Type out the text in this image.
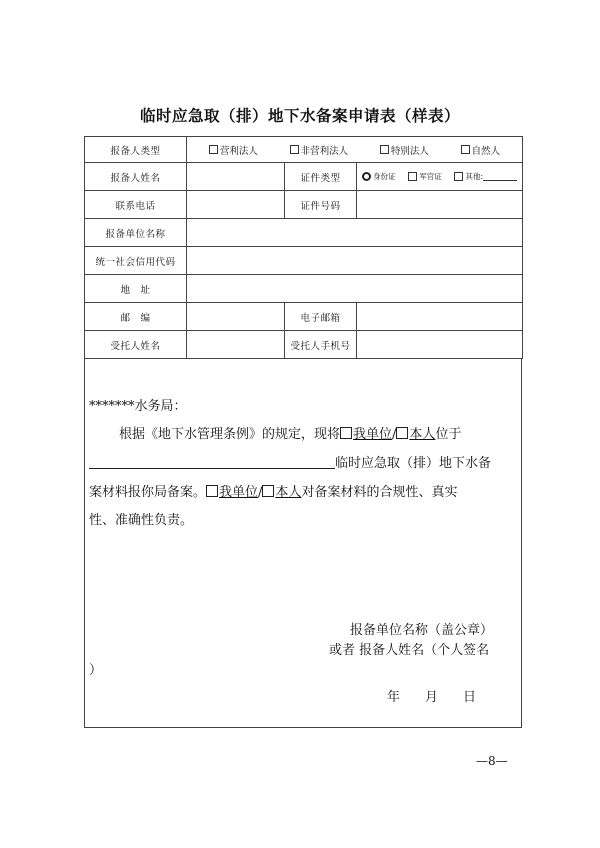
临时应急取（排）地下水备案申请表（样表）
报备人类型	营利法人 非营利法人 特别法人 自然人		

报备人姓名		证件类型	身份证 军官证 其他:

联系电话		证件号码	
报备单位名称			
统一社会信用代码			
地　址			
邮　编		电子邮箱	
受托人姓名		受托人手机号	
*******水务局：
根据《地下水管理条例》的规定，现将 我单位/ 本人位于
临时应急取（排）地下水备
案材料报你局备案。 我单位/ 本人对备案材料的合规性、真实
性、准确性负责。
报备单位名称（盖公章）
或者 报备人姓名（个人签名
）
年 月 日
—8—
